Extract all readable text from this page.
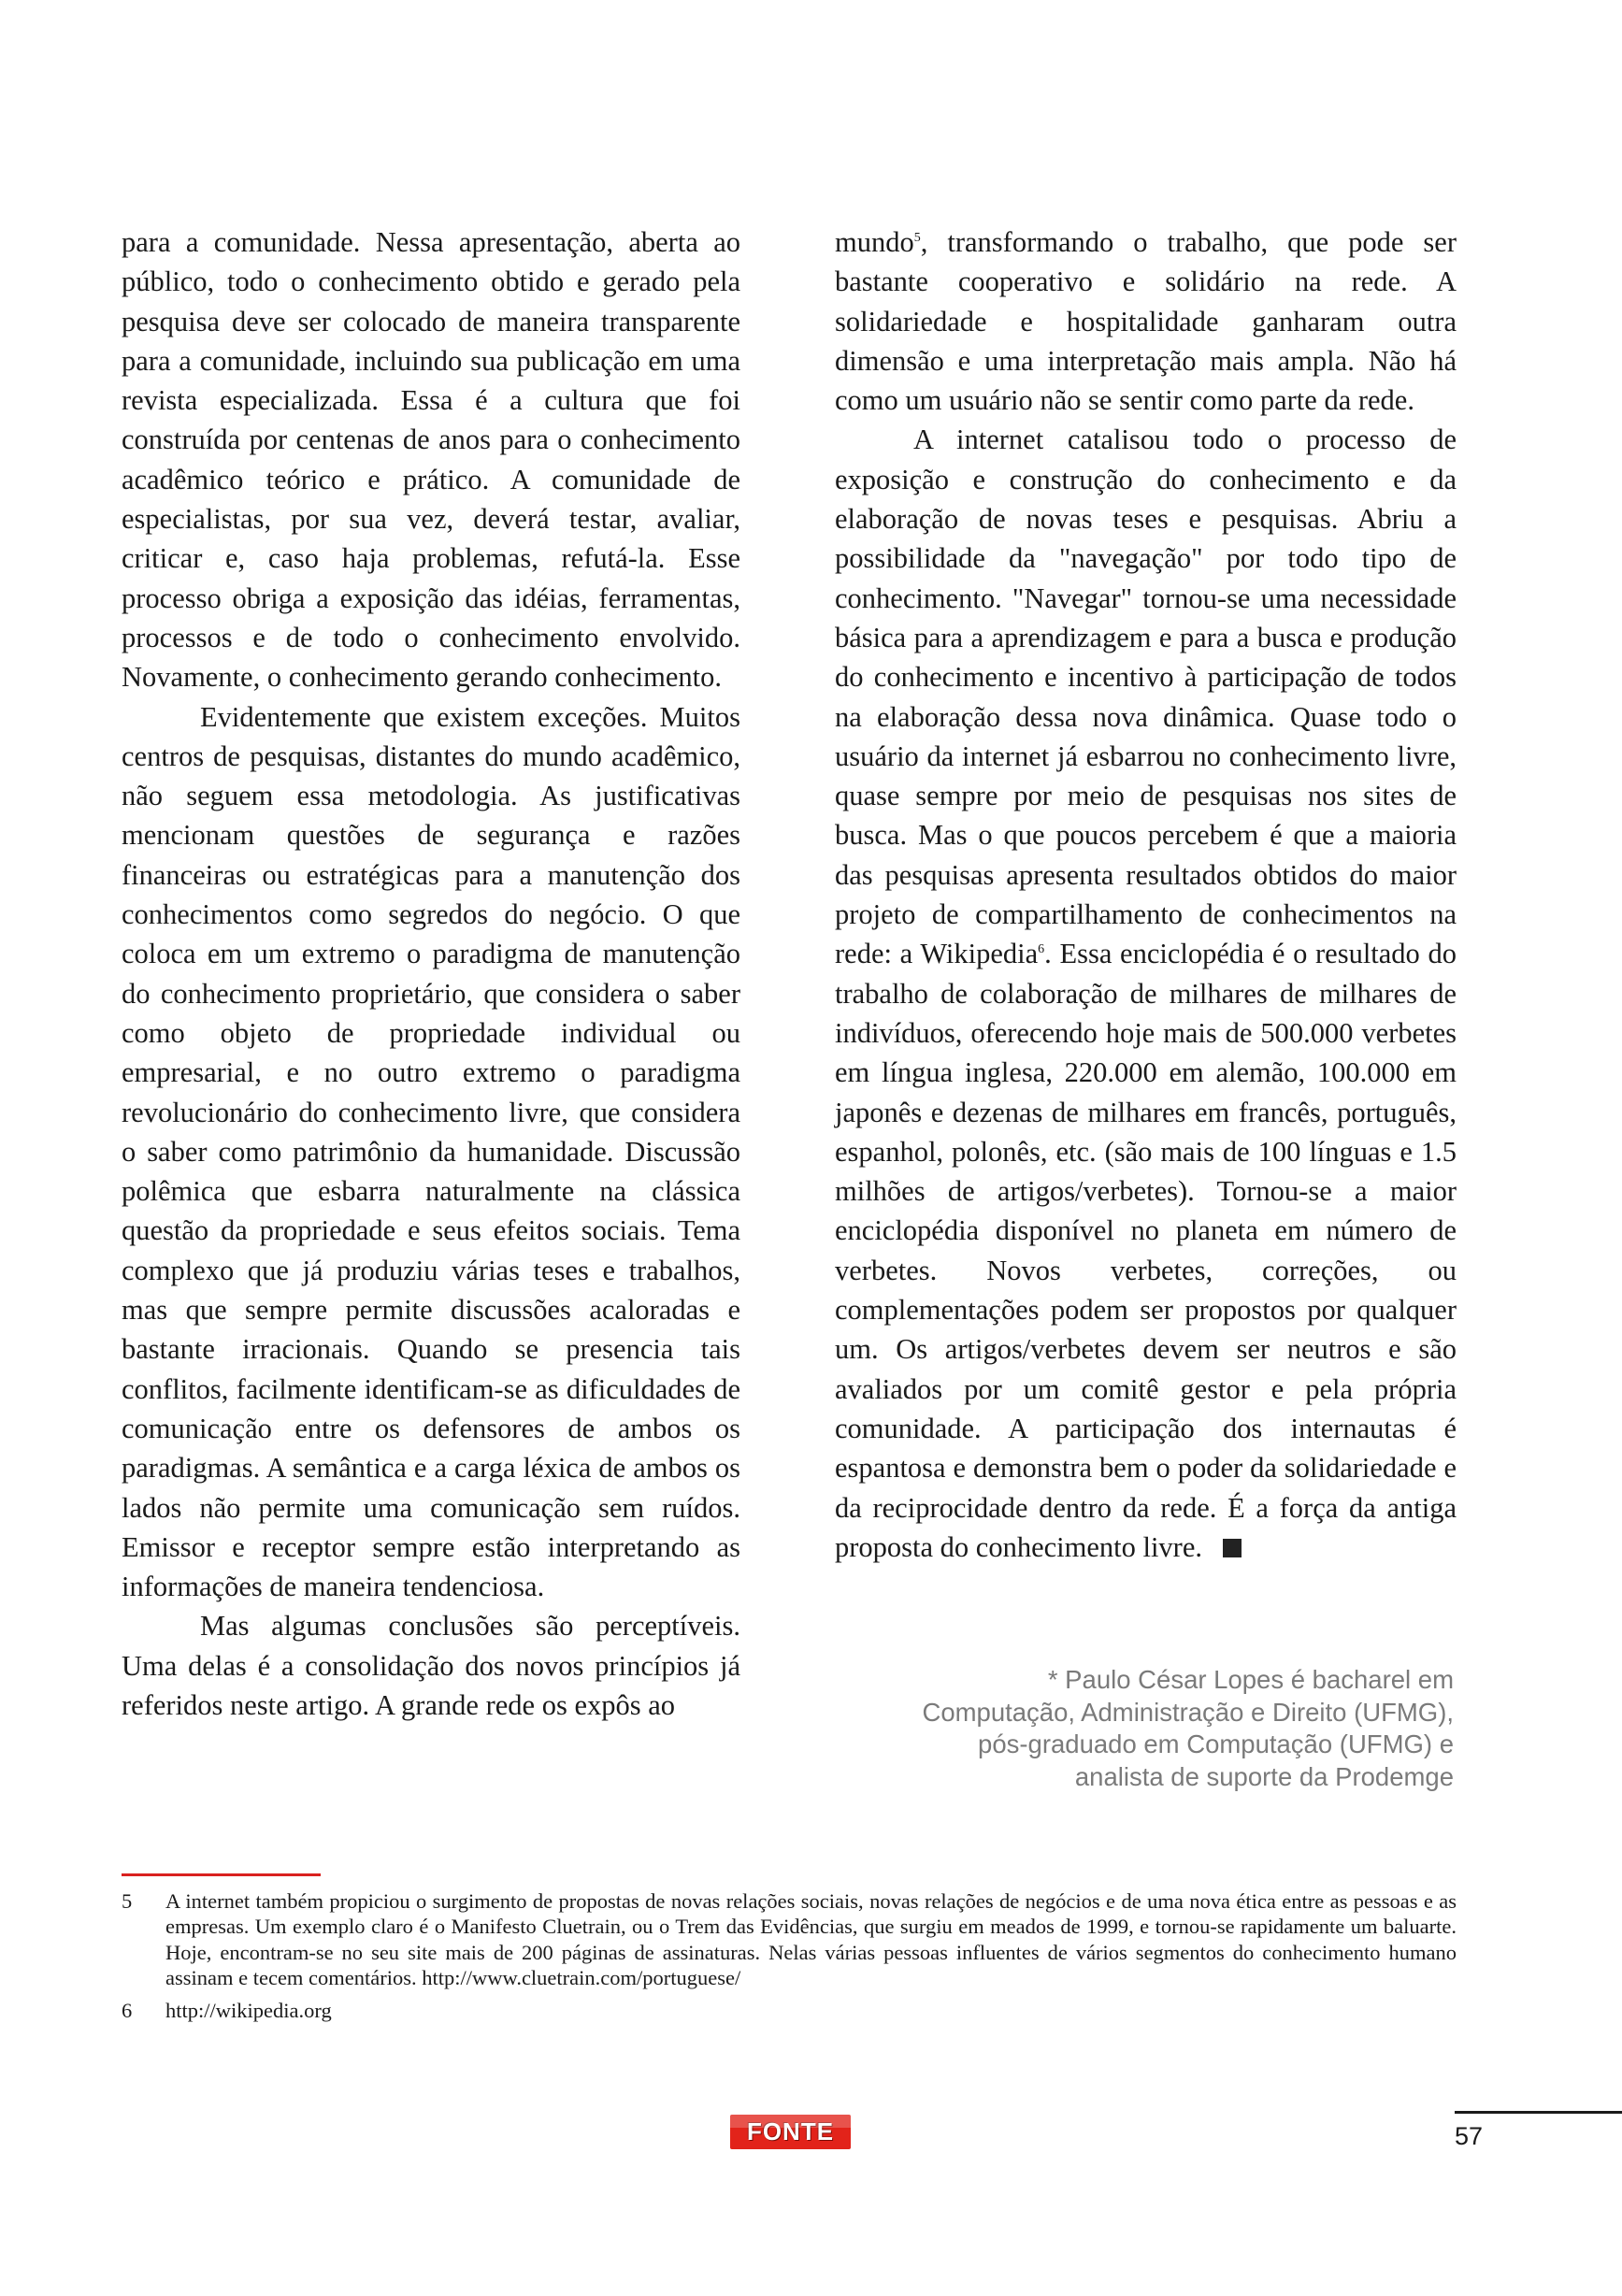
para a comunidade. Nessa apresentação, aberta ao público, todo o conhecimento obtido e gerado pela pesquisa deve ser colocado de maneira transparente para a comunidade, incluindo sua publicação em uma revista especializada. Essa é a cultura que foi construída por centenas de anos para o conhecimento acadêmico teórico e prático. A comunidade de especialistas, por sua vez, deverá testar, avaliar, criticar e, caso haja problemas, refutá-la. Esse processo obriga a exposição das idéias, ferramentas, processos e de todo o conhecimento envolvido. Novamente, o conhecimento gerando conhecimento.

Evidentemente que existem exceções. Muitos centros de pesquisas, distantes do mundo acadêmico, não seguem essa metodologia. As justificativas mencionam questões de segurança e razões financeiras ou estratégicas para a manutenção dos conhecimentos como segredos do negócio. O que coloca em um extremo o paradigma de manutenção do conhecimento proprietário, que considera o saber como objeto de propriedade individual ou empresarial, e no outro extremo o paradigma revolucionário do conhecimento livre, que considera o saber como patrimônio da humanidade. Discussão polêmica que esbarra naturalmente na clássica questão da propriedade e seus efeitos sociais. Tema complexo que já produziu várias teses e trabalhos, mas que sempre permite discussões acaloradas e bastante irracionais. Quando se presencia tais conflitos, facilmente identificam-se as dificuldades de comunicação entre os defensores de ambos os paradigmas. A semântica e a carga léxica de ambos os lados não permite uma comunicação sem ruídos. Emissor e receptor sempre estão interpretando as informações de maneira tendenciosa.

Mas algumas conclusões são perceptíveis. Uma delas é a consolidação dos novos princípios já referidos neste artigo. A grande rede os expôs ao

mundo$^5$, transformando o trabalho, que pode ser bastante cooperativo e solidário na rede. A solidariedade e hospitalidade ganharam outra dimensão e uma interpretação mais ampla. Não há como um usuário não se sentir como parte da rede.

A internet catalisou todo o processo de exposição e construção do conhecimento e da elaboração de novas teses e pesquisas. Abriu a possibilidade da "navegação" por todo tipo de conhecimento. "Navegar" tornou-se uma necessidade básica para a aprendizagem e para a busca e produção do conhecimento e incentivo à participação de todos na elaboração dessa nova dinâmica. Quase todo o usuário da internet já esbarrou no conhecimento livre, quase sempre por meio de pesquisas nos sites de busca. Mas o que poucos percebem é que a maioria das pesquisas apresenta resultados obtidos do maior projeto de compartilhamento de conhecimentos na rede: a Wikipedia$^6$. Essa enciclopédia é o resultado do trabalho de colaboração de milhares de milhares de indivíduos, oferecendo hoje mais de 500.000 verbetes em língua inglesa, 220.000 em alemão, 100.000 em japonês e dezenas de milhares em francês, português, espanhol, polonês, etc. (são mais de 100 línguas e 1.5 milhões de artigos/verbetes). Tornou-se a maior enciclopédia disponível no planeta em número de verbetes. Novos verbetes, correções, ou complementações podem ser propostos por qualquer um. Os artigos/verbetes devem ser neutros e são avaliados por um comitê gestor e pela própria comunidade. A participação dos internautas é espantosa e demonstra bem o poder da solidariedade e da reciprocidade dentro da rede. É a força da antiga proposta do conhecimento livre.

* Paulo César Lopes é bacharel em
Computação, Administração e Direito (UFMG),
pós-graduado em Computação (UFMG) e
analista de suporte da Prodemge
5 A internet também propiciou o surgimento de propostas de novas relações sociais, novas relações de negócios e de uma nova ética entre as pessoas e as empresas. Um exemplo claro é o Manifesto Cluetrain, ou o Trem das Evidências, que surgiu em meados de 1999, e tornou-se rapidamente um baluarte. Hoje, encontram-se no seu site mais de 200 páginas de assinaturas. Nelas várias pessoas influentes de vários segmentos do conhecimento humano assinam e tecem comentários. http://www.cluetrain.com/portuguese/
6 http://wikipedia.org
FONTE	57
